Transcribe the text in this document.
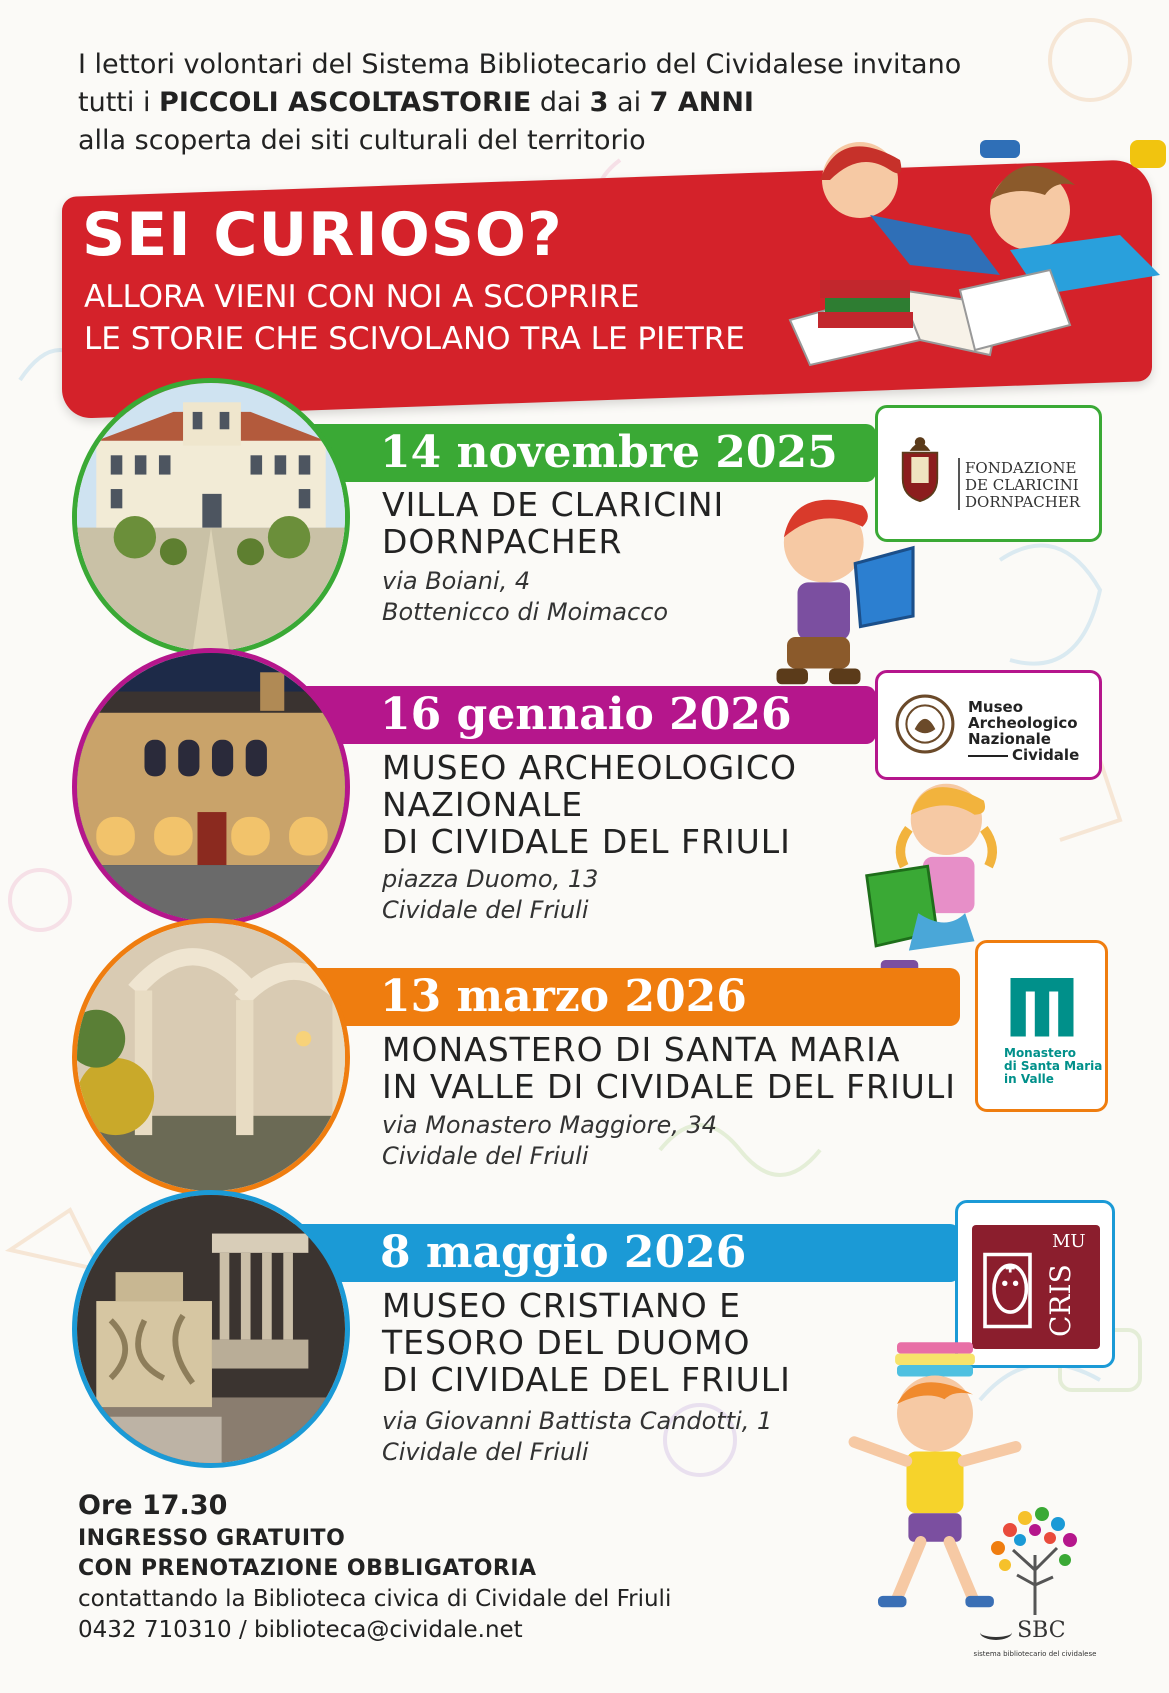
I lettori volontari del Sistema Bibliotecario del Cividalese invitano
tutti i PICCOLI ASCOLTASTORIE dai 3 ai 7 ANNI
alla scoperta dei siti culturali del territorio
SEI CURIOSO?
ALLORA VIENI CON NOI A SCOPRIRE
LE STORIE CHE SCIVOLANO TRA LE PIETRE
14 novembre 2025
VILLA DE CLARICINI
DORNPACHER
via Boiani, 4
Bottenicco di Moimacco
FONDAZIONE
DE CLARICINI
DORNPACHER
16 gennaio 2026
MUSEO ARCHEOLOGICO
NAZIONALE
DI CIVIDALE DEL FRIULI
piazza Duomo, 13
Cividale del Friuli
Museo
Archeologico
Nazionale
Cividale
13 marzo 2026
MONASTERO DI SANTA MARIA
IN VALLE DI CIVIDALE DEL FRIULI
via Monastero Maggiore, 34
Cividale del Friuli
Monastero
di Santa Maria
in Valle
8 maggio 2026
MUSEO CRISTIANO E
TESORO DEL DUOMO
DI CIVIDALE DEL FRIULI
via Giovanni Battista Candotti, 1
Cividale del Friuli
MU
CRIS
Ore 17.30
INGRESSO GRATUITO
CON PRENOTAZIONE OBBLIGATORIA
contattando la Biblioteca civica di Cividale del Friuli
0432 710310 / biblioteca@cividale.net	SBC
sistema bibliotecario del cividalese
